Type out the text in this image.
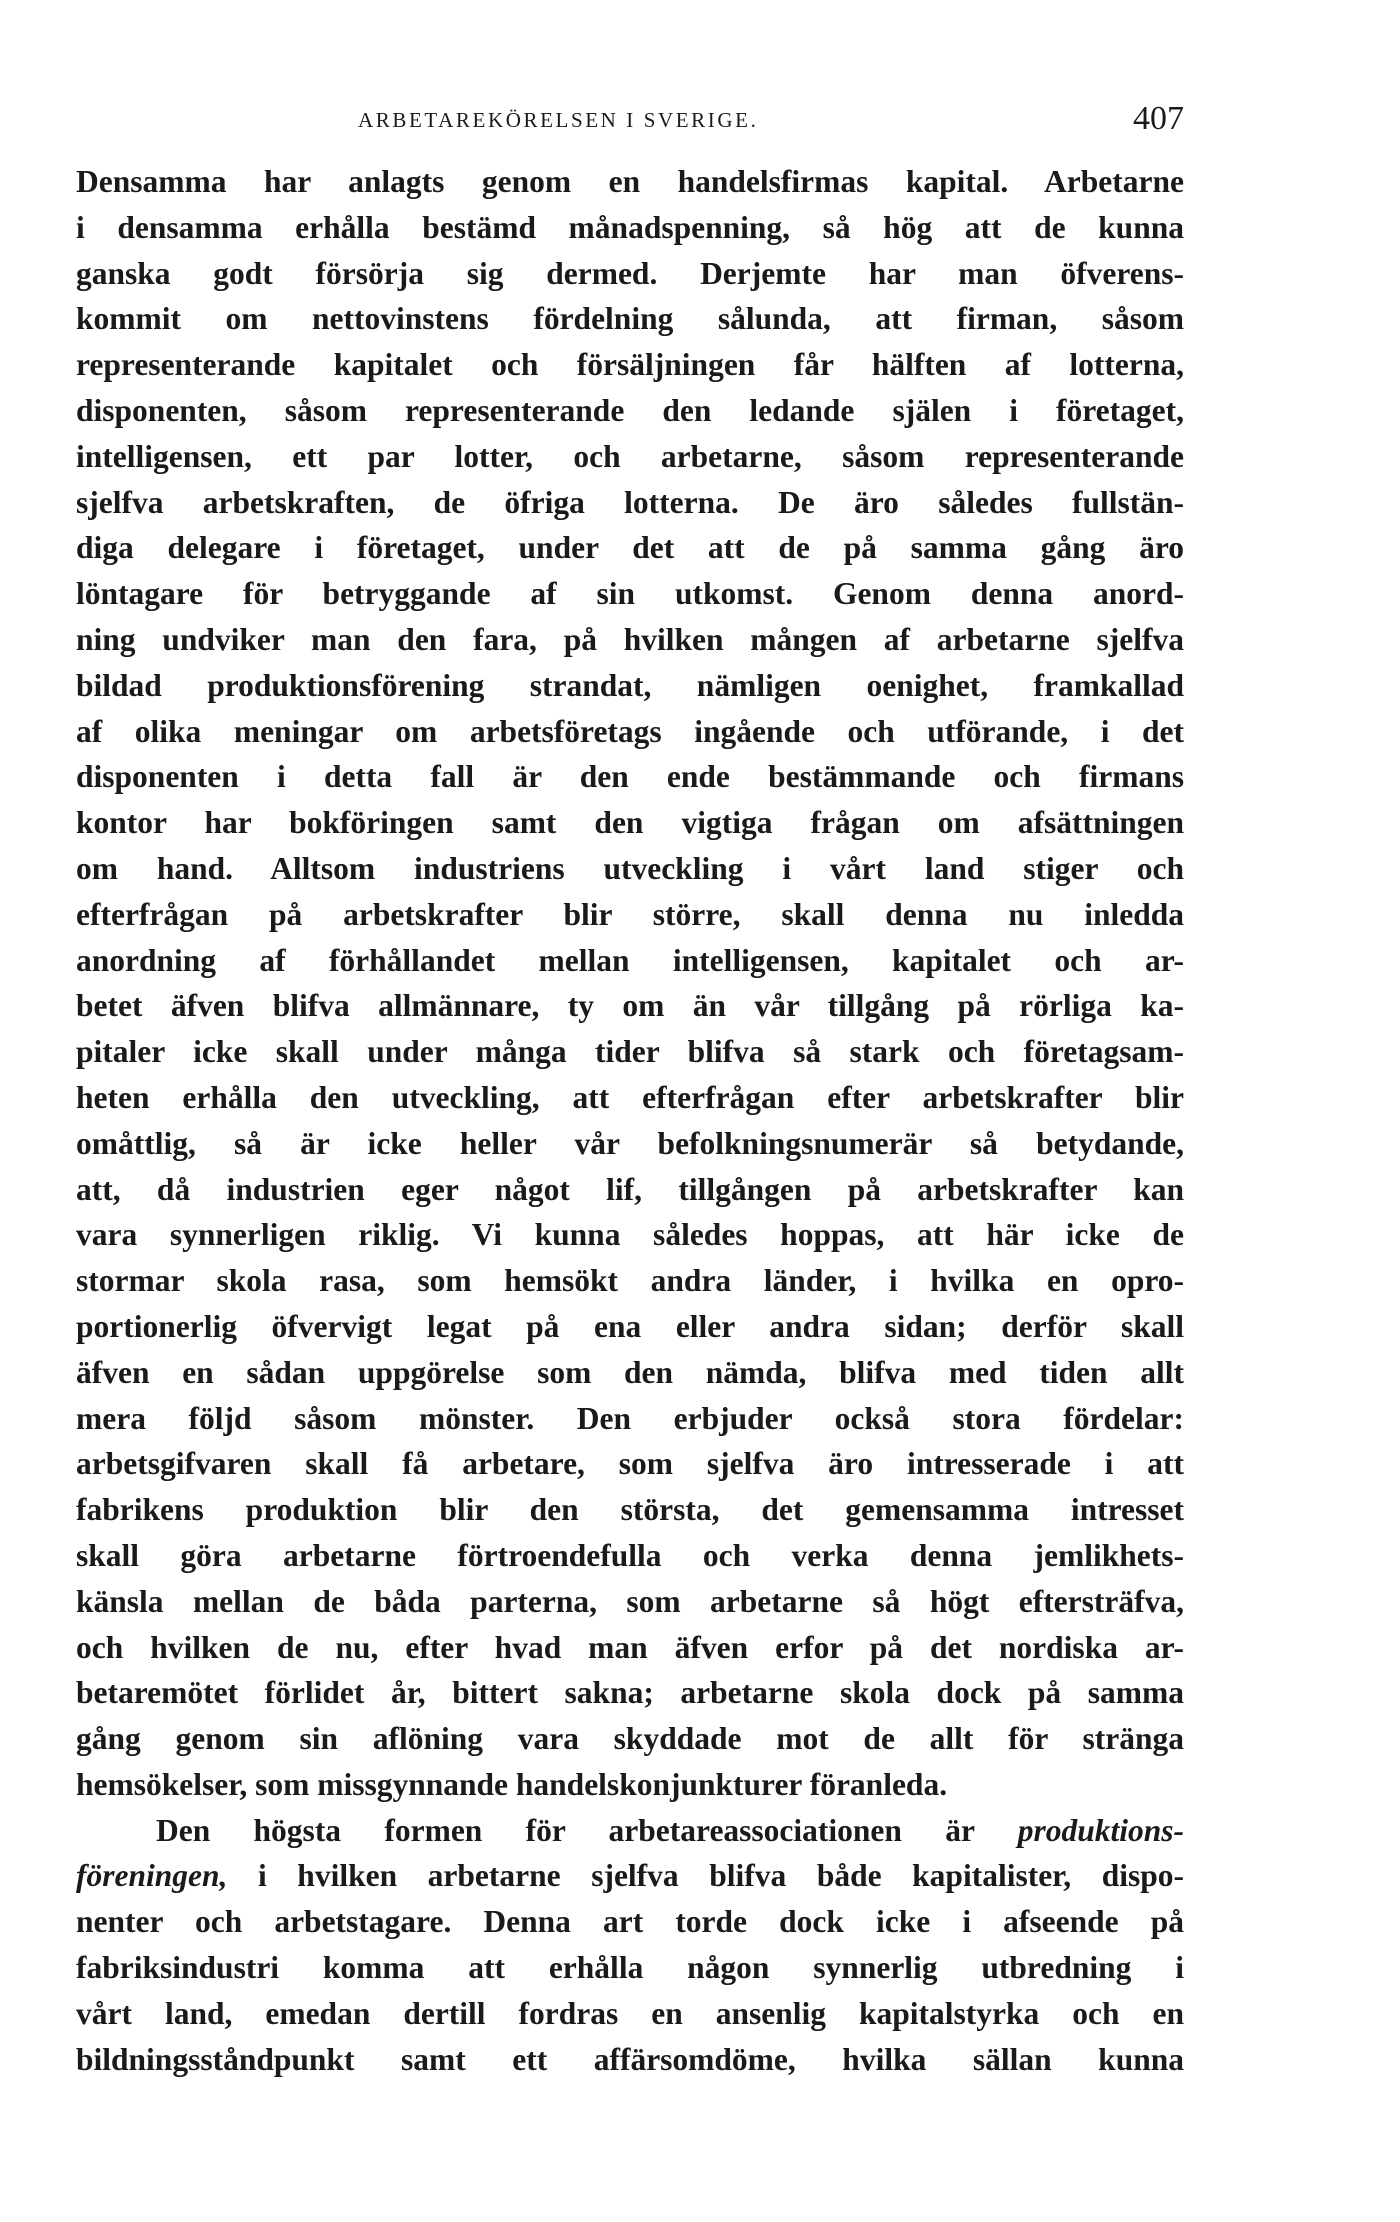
ARBETAREKÖRELSEN I SVERIGE.	407
Densamma har anlagts genom en handelsfirmas kapital. Arbetarne
i densamma erhålla bestämd månadspenning, så hög att de kunna
ganska godt försörja sig dermed. Derjemte har man öfverens-
kommit om nettovinstens fördelning sålunda, att firman, såsom
representerande kapitalet och försäljningen får hälften af lotterna,
disponenten, såsom representerande den ledande själen i företaget,
intelligensen, ett par lotter, och arbetarne, såsom representerande
sjelfva arbetskraften, de öfriga lotterna. De äro således fullstän-
diga delegare i företaget, under det att de på samma gång äro
löntagare för betryggande af sin utkomst. Genom denna anord-
ning undviker man den fara, på hvilken mången af arbetarne sjelfva
bildad produktionsförening strandat, nämligen oenighet, framkallad
af olika meningar om arbetsföretags ingående och utförande, i det
disponenten i detta fall är den ende bestämmande och firmans
kontor har bokföringen samt den vigtiga frågan om afsättningen
om hand. Alltsom industriens utveckling i vårt land stiger och
efterfrågan på arbetskrafter blir större, skall denna nu inledda
anordning af förhållandet mellan intelligensen, kapitalet och ar-
betet äfven blifva allmännare, ty om än vår tillgång på rörliga ka-
pitaler icke skall under många tider blifva så stark och företagsam-
heten erhålla den utveckling, att efterfrågan efter arbetskrafter blir
omåttlig, så är icke heller vår befolkningsnumerär så betydande,
att, då industrien eger något lif, tillgången på arbetskrafter kan
vara synnerligen riklig. Vi kunna således hoppas, att här icke de
stormar skola rasa, som hemsökt andra länder, i hvilka en opro-
portionerlig öfvervigt legat på ena eller andra sidan; derför skall
äfven en sådan uppgörelse som den nämda, blifva med tiden allt
mera följd såsom mönster. Den erbjuder också stora fördelar:
arbetsgifvaren skall få arbetare, som sjelfva äro intresserade i att
fabrikens produktion blir den största, det gemensamma intresset
skall göra arbetarne förtroendefulla och verka denna jemlikhets-
känsla mellan de båda parterna, som arbetarne så högt eftersträfva,
och hvilken de nu, efter hvad man äfven erfor på det nordiska ar-
betaremötet förlidet år, bittert sakna; arbetarne skola dock på samma
gång genom sin aflöning vara skyddade mot de allt för stränga
hemsökelser, som missgynnande handelskonjunkturer föranleda.
Den högsta formen för arbetareassociationen är produktions-
föreningen, i hvilken arbetarne sjelfva blifva både kapitalister, dispo-
nenter och arbetstagare. Denna art torde dock icke i afseende på
fabriksindustri komma att erhålla någon synnerlig utbredning i
vårt land, emedan dertill fordras en ansenlig kapitalstyrka och en
bildningsståndpunkt samt ett affärsomdöme, hvilka sällan kunna
